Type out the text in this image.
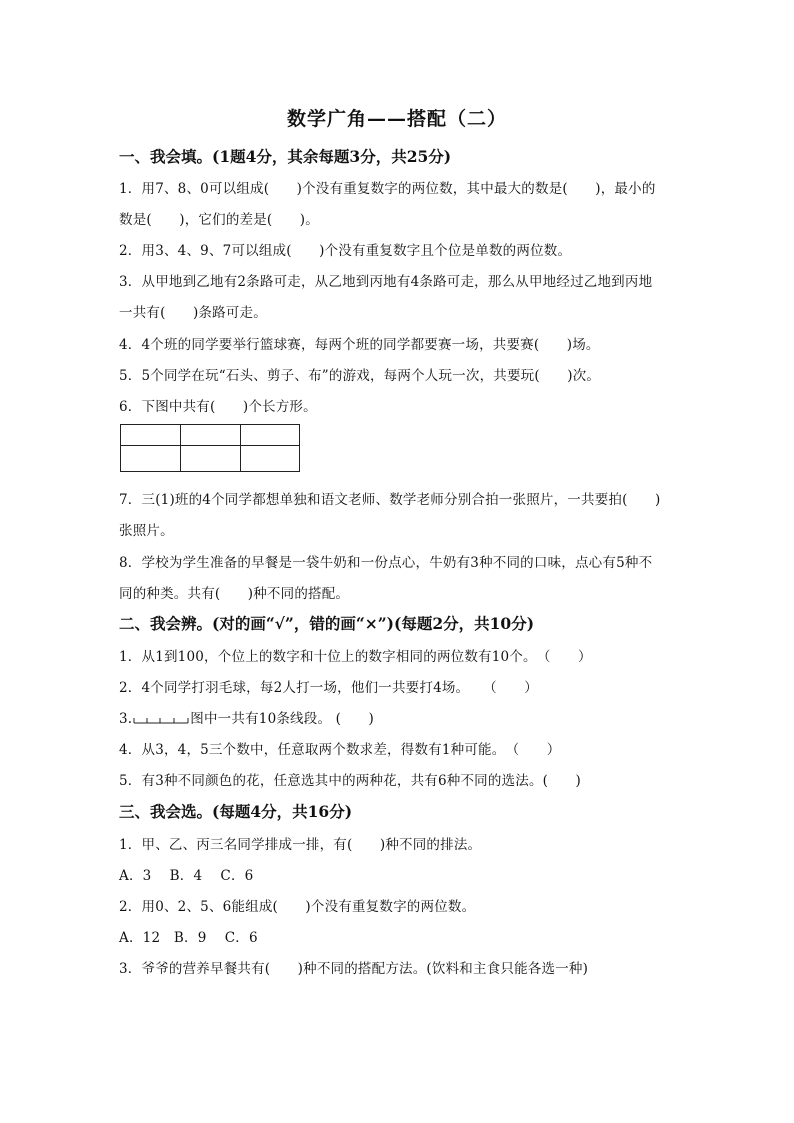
数学广角——搭配（二）
一、我会填。(1题4分，其余每题3分，共25分)
1．用7、8、0可以组成(　　)个没有重复数字的两位数，其中最大的数是(　　)，最小的
数是(　　)，它们的差是(　　)。
2．用3、4、9、7可以组成(　　)个没有重复数字且个位是单数的两位数。
3．从甲地到乙地有2条路可走，从乙地到丙地有4条路可走，那么从甲地经过乙地到丙地
一共有(　　)条路可走。
4．4个班的同学要举行篮球赛，每两个班的同学都要赛一场，共要赛(　　)场。
5．5个同学在玩“石头、剪子、布”的游戏，每两个人玩一次，共要玩(　　)次。
6．下图中共有(　　)个长方形。
7．三(1)班的4个同学都想单独和语文老师、数学老师分别合拍一张照片，一共要拍(　　)
张照片。
8．学校为学生准备的早餐是一袋牛奶和一份点心，牛奶有3种不同的口味，点心有5种不
同的种类。共有(　　)种不同的搭配。
二、我会辨。(对的画“√”，错的画“×”)(每题2分，共10分)
1．从1到100，个位上的数字和十位上的数字相同的两位数有10个。　（　　）
2．4个同学打羽毛球，每2人打一场，他们一共要打4场。　　（　　）
3.	图中一共有10条线段。 (　　)
4．从3，4，5三个数中，任意取两个数求差，得数有1种可能。　（　　）
5．有3种不同颜色的花，任意选其中的两种花，共有6种不同的选法。(　　)
三、我会选。(每题4分，共16分)
1．甲、乙、丙三名同学排成一排，有(　　)种不同的排法。
A．3　 B．4　 C．6
2．用0、2、5、6能组成(　　)个没有重复数字的两位数。
A．12　B．9　 C．6
3．爷爷的营养早餐共有(　　)种不同的搭配方法。(饮料和主食只能各选一种)
